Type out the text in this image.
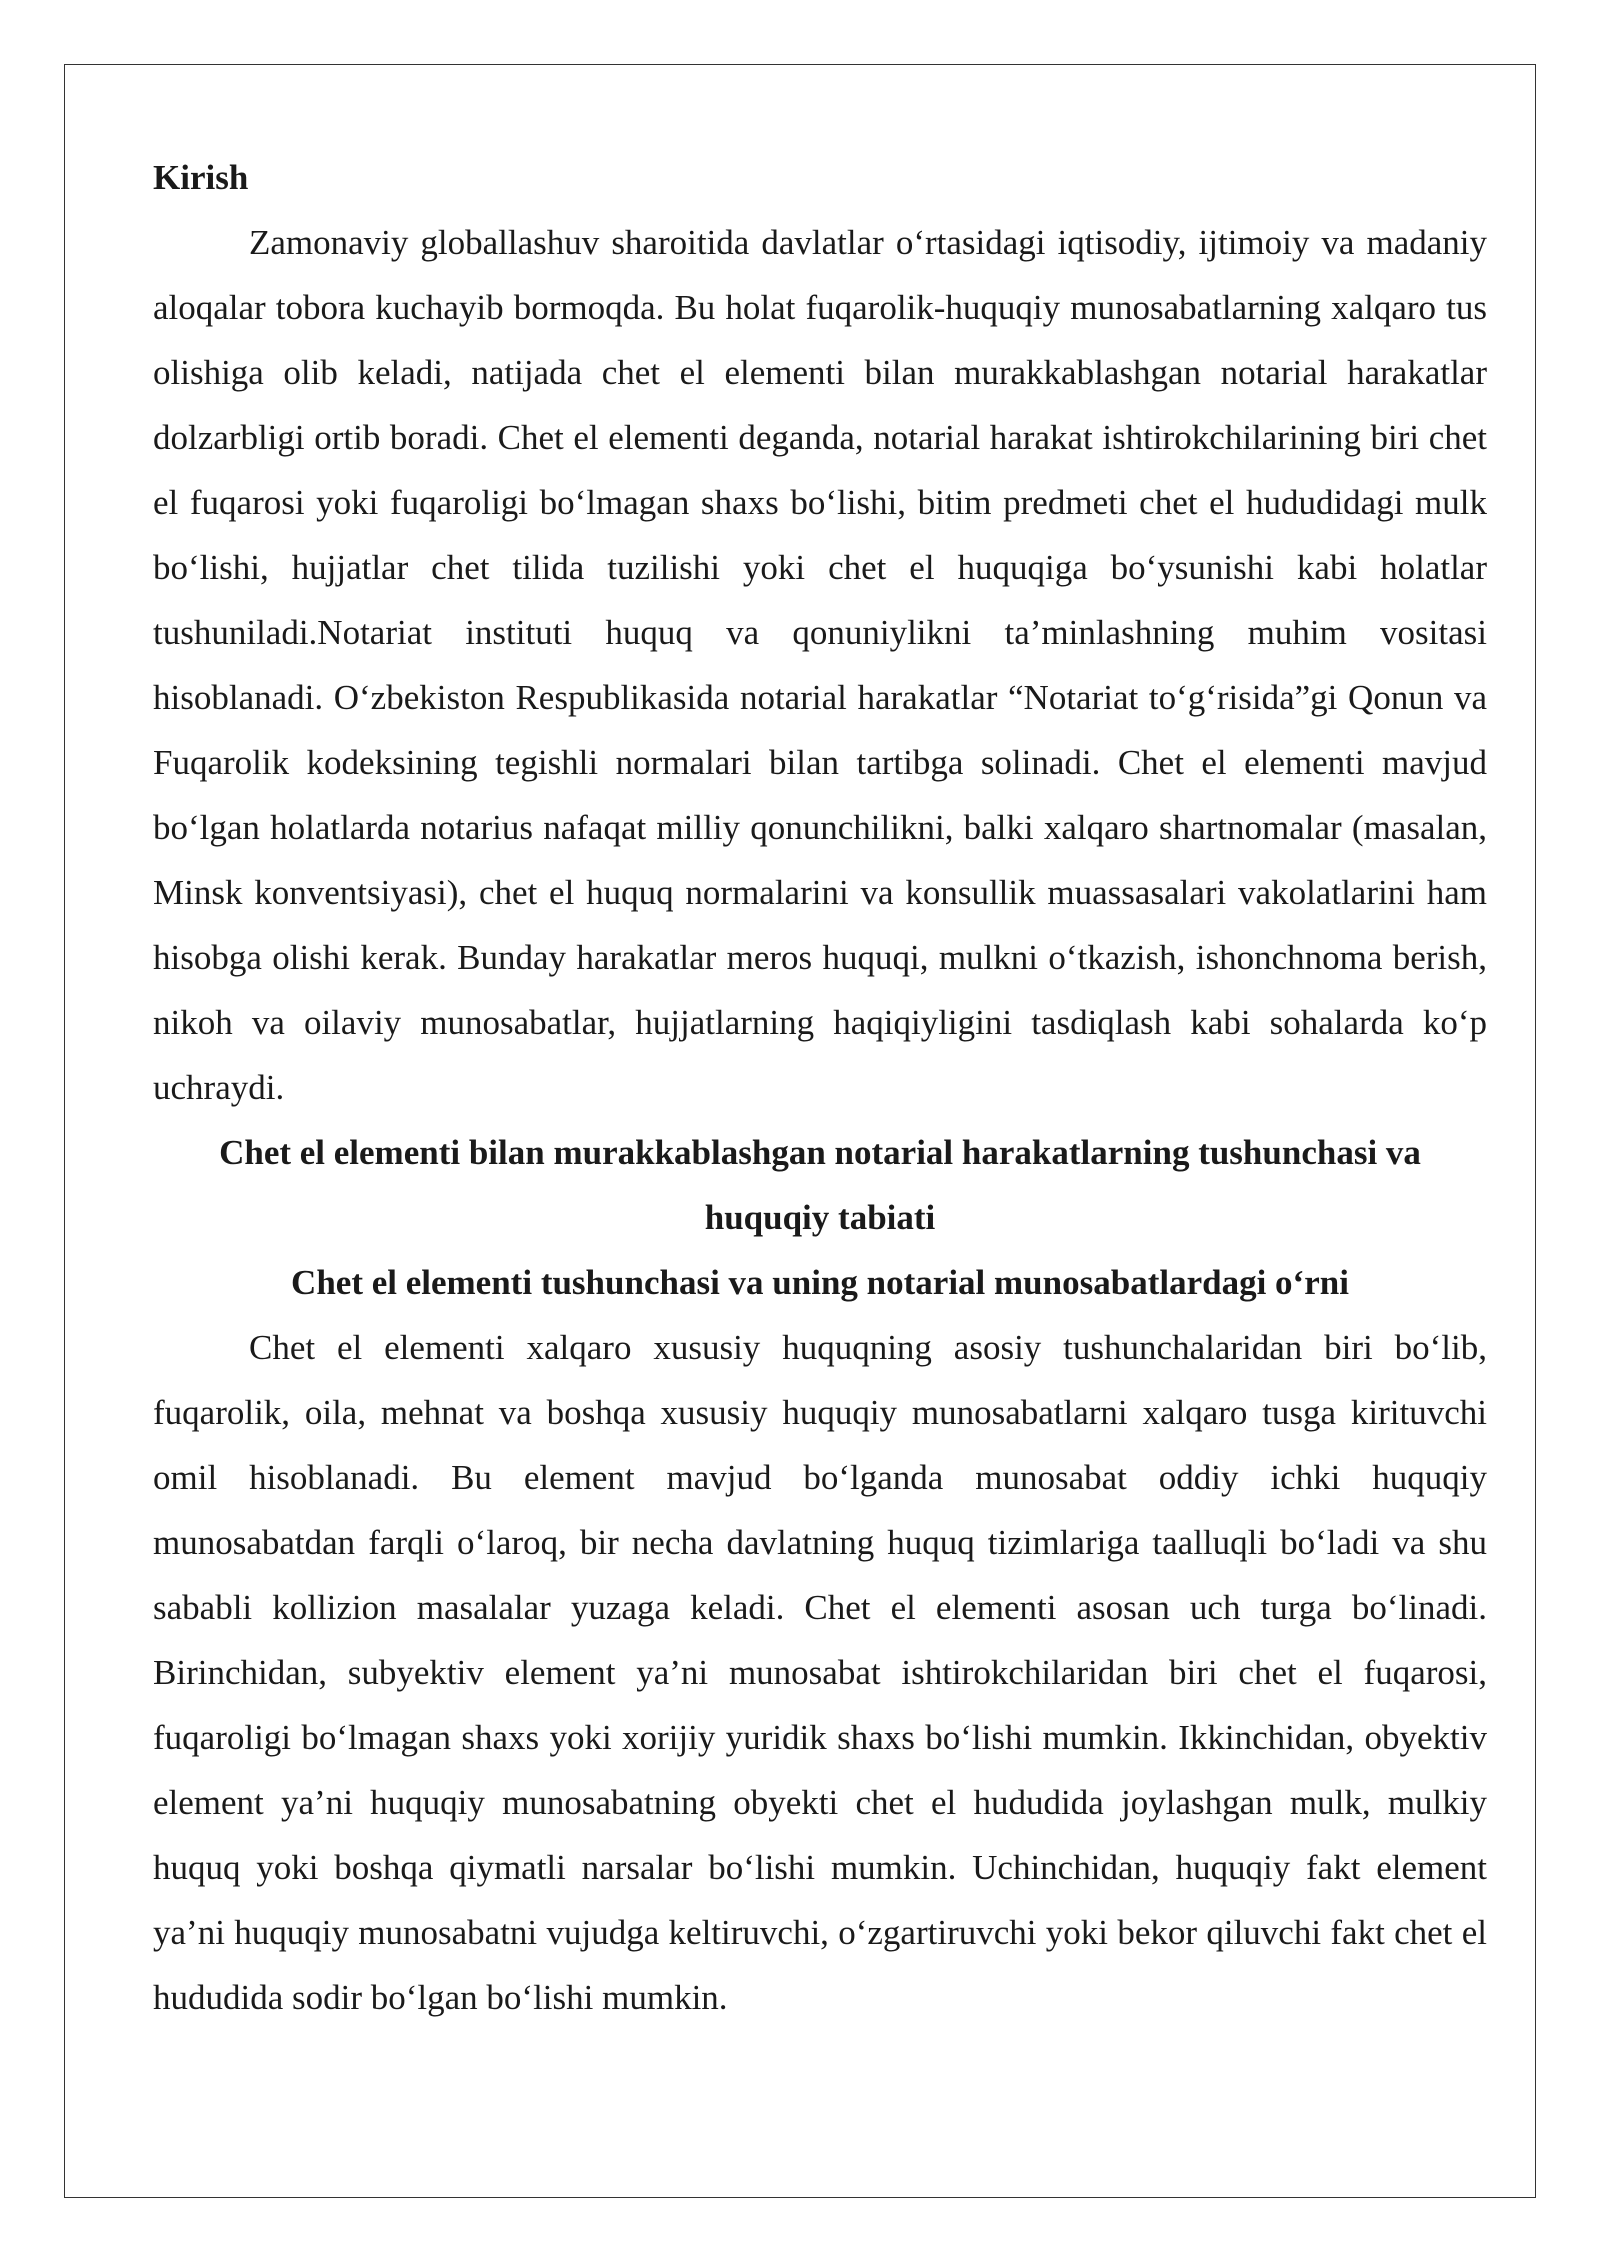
Kirish

Zamonaviy globallashuv sharoitida davlatlar o‘rtasidagi iqtisodiy, ijtimoiy va madaniy aloqalar tobora kuchayib bormoqda. Bu holat fuqarolik-huquqiy munosabatlarning xalqaro tus olishiga olib keladi, natijada chet el elementi bilan murakkablashgan notarial harakatlar dolzarbligi ortib boradi. Chet el elementi deganda, notarial harakat ishtirokchilarining biri chet el fuqarosi yoki fuqaroligi bo‘lmagan shaxs bo‘lishi, bitim predmeti chet el hududidagi mulk bo‘lishi, hujjatlar chet tilida tuzilishi yoki chet el huquqiga bo‘ysunishi kabi holatlar tushuniladi.Notariat instituti huquq va qonuniylikni ta’minlashning muhim vositasi hisoblanadi. O‘zbekiston Respublikasida notarial harakatlar “Notariat to‘g‘risida”gi Qonun va Fuqarolik kodeksining tegishli normalari bilan tartibga solinadi. Chet el elementi mavjud bo‘lgan holatlarda notarius nafaqat milliy qonunchilikni, balki xalqaro shartnomalar (masalan, Minsk konventsiyasi), chet el huquq normalarini va konsullik muassasalari vakolatlarini ham hisobga olishi kerak. Bunday harakatlar meros huquqi, mulkni o‘tkazish, ishonchnoma berish, nikoh va oilaviy munosabatlar, hujjatlarning haqiqiyligini tasdiqlash kabi sohalarda ko‘p uchraydi.

Chet el elementi bilan murakkablashgan notarial harakatlarning tushunchasi va huquqiy tabiati

Chet el elementi tushunchasi va uning notarial munosabatlardagi o‘rni

Chet el elementi xalqaro xususiy huquqning asosiy tushunchalaridan biri bo‘lib, fuqarolik, oila, mehnat va boshqa xususiy huquqiy munosabatlarni xalqaro tusga kirituvchi omil hisoblanadi. Bu element mavjud bo‘lganda munosabat oddiy ichki huquqiy munosabatdan farqli o‘laroq, bir necha davlatning huquq tizimlariga taalluqli bo‘ladi va shu sababli kollizion masalalar yuzaga keladi. Chet el elementi asosan uch turga bo‘linadi. Birinchidan, subyektiv element ya’ni munosabat ishtirokchilaridan biri chet el fuqarosi, fuqaroligi bo‘lmagan shaxs yoki xorijiy yuridik shaxs bo‘lishi mumkin. Ikkinchidan, obyektiv element ya’ni huquqiy munosabatning obyekti chet el hududida joylashgan mulk, mulkiy huquq yoki boshqa qiymatli narsalar bo‘lishi mumkin. Uchinchidan, huquqiy fakt element ya’ni huquqiy munosabatni vujudga keltiruvchi, o‘zgartiruvchi yoki bekor qiluvchi fakt chet el hududida sodir bo‘lgan bo‘lishi mumkin.
